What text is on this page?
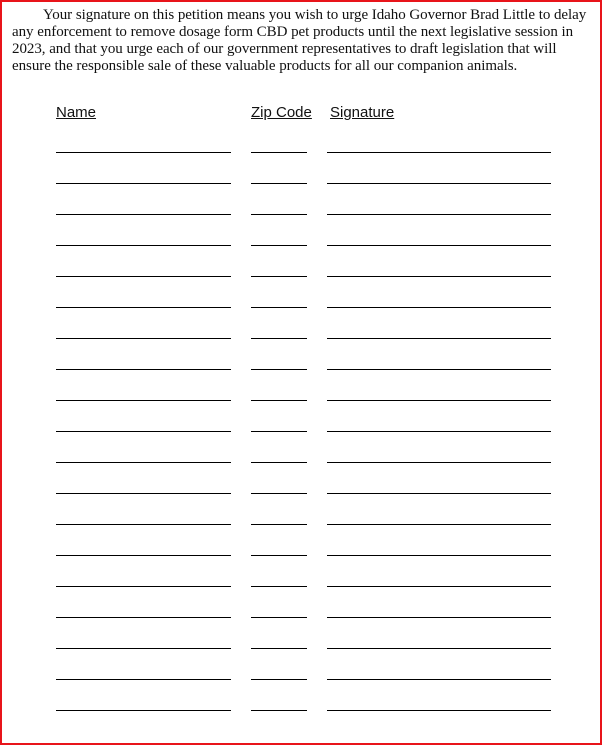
Your signature on this petition means you wish to urge Idaho Governor Brad Little to delay any enforcement to remove dosage form CBD pet products until the next legislative session in 2023, and that you urge each of our government representatives to draft legislation that will ensure the responsible sale of these valuable products for all our companion animals.

Name	Zip Code Signature
